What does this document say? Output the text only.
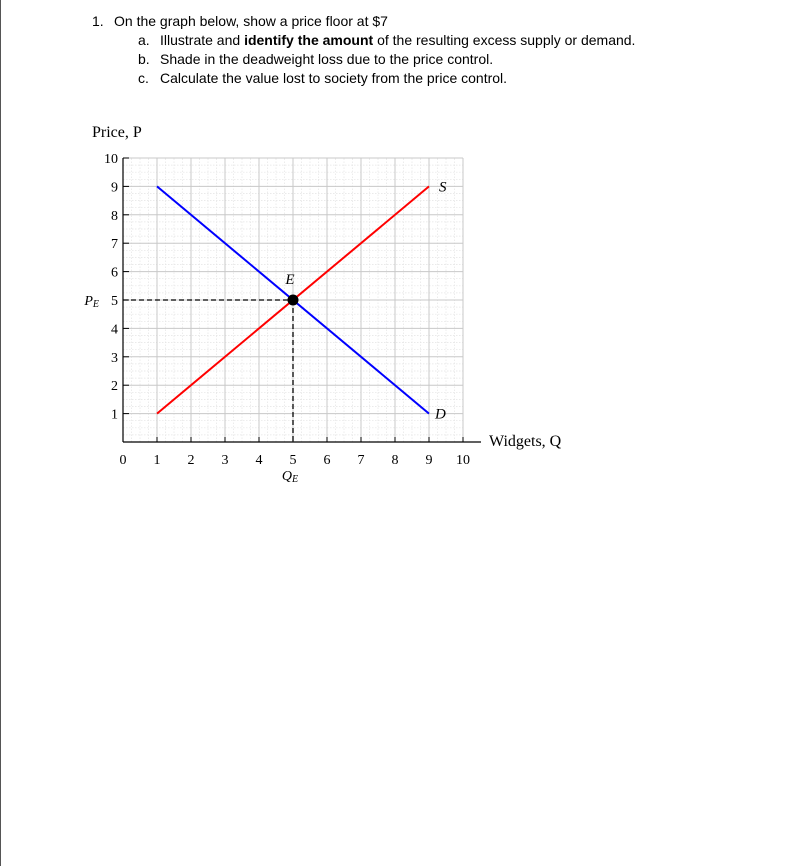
1. On the graph below, show a price floor at $7
a. Illustrate and identify the amount of the resulting excess supply or demand.
b. Shade in the deadweight loss due to the price control.
c. Calculate the value lost to society from the price control.
1
2
3
4
5
PE
6
7
8
9
10
0 1 2 3 4 5 6 7 8 9 10
QE
E
S
D
Price, P
Widgets, Q
